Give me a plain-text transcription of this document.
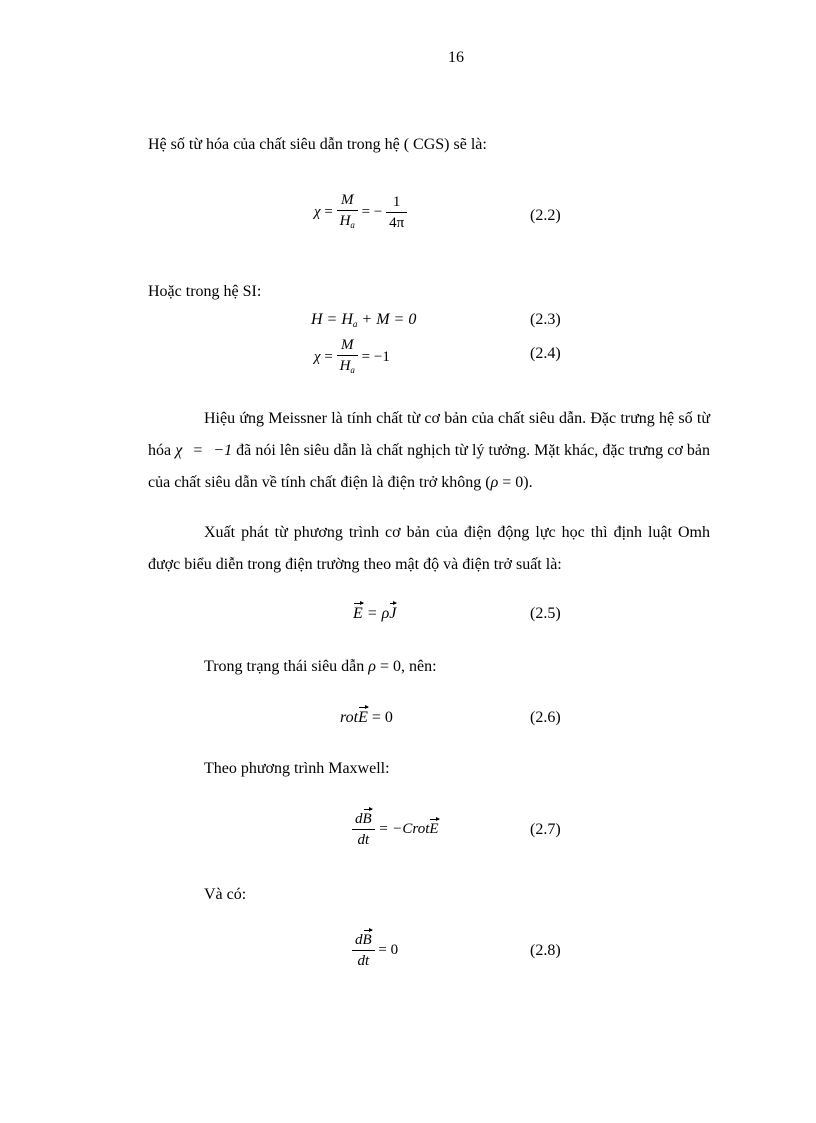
16
Hệ số từ hóa của chất siêu dẫn trong hệ ( CGS) sẽ là:
$\chi = \frac{M}{H_a}$ = − $\frac{1}{4\pi}$	(2.2)
Hoặc trong hệ SI:
$H = H_a + M = 0$	(2.3)
$\chi = \frac{M}{H_a} = -1$	(2.4)
Hiệu ứng Meissner là tính chất từ cơ bản của chất siêu dẫn. Đặc trưng hệ số từ hóa χ = −1 đã nói lên siêu dẫn là chất nghịch từ lý tưởng. Mặt khác, đặc trưng cơ bản của chất siêu dẫn về tính chất điện là điện trở không (ρ = 0).
Xuất phát từ phương trình cơ bản của điện động lực học thì định luật Omh được biểu diễn trong điện trường theo mật độ và điện trở suất là:
E = ρJ	(2.5)
Trong trạng thái siêu dẫn ρ = 0, nên:
rotE = 0	(2.6)
Theo phương trình Maxwell:
$\frac{dB}{dt}$ = −CrotE	(2.7)
Và có:
$\frac{dB}{dt} = 0$	(2.8)
